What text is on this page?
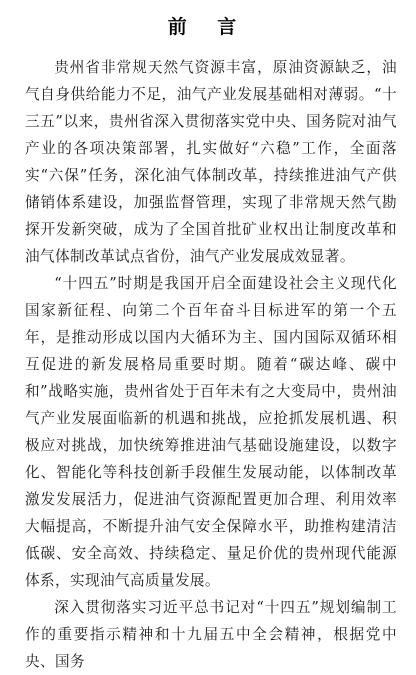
前 言

贵州省非常规天然气资源丰富，原油资源缺乏，油气自身供给能力不足，油气产业发展基础相对薄弱。“十三五”以来，贵州省深入贯彻落实党中央、国务院对油气产业的各项决策部署，扎实做好“六稳”工作，全面落实“六保”任务，深化油气体制改革，持续推进油气产供储销体系建设，加强监督管理，实现了非常规天然气勘探开发新突破，成为了全国首批矿业权出让制度改革和油气体制改革试点省份，油气产业发展成效显著。

“十四五”时期是我国开启全面建设社会主义现代化国家新征程、向第二个百年奋斗目标进军的第一个五年，是推动形成以国内大循环为主、国内国际双循环相互促进的新发展格局重要时期。随着“碳达峰、碳中和”战略实施，贵州省处于百年未有之大变局中，贵州油气产业发展面临新的机遇和挑战，应抢抓发展机遇、积极应对挑战，加快统筹推进油气基础设施建设，以数字化、智能化等科技创新手段催生发展动能，以体制改革激发发展活力，促进油气资源配置更加合理、利用效率大幅提高，不断提升油气安全保障水平，助推构建清洁低碳、安全高效、持续稳定、量足价优的贵州现代能源体系，实现油气高质量发展。

深入贯彻落实习近平总书记对“十四五”规划编制工作的重要指示精神和十九届五中全会精神，根据党中央、国务
